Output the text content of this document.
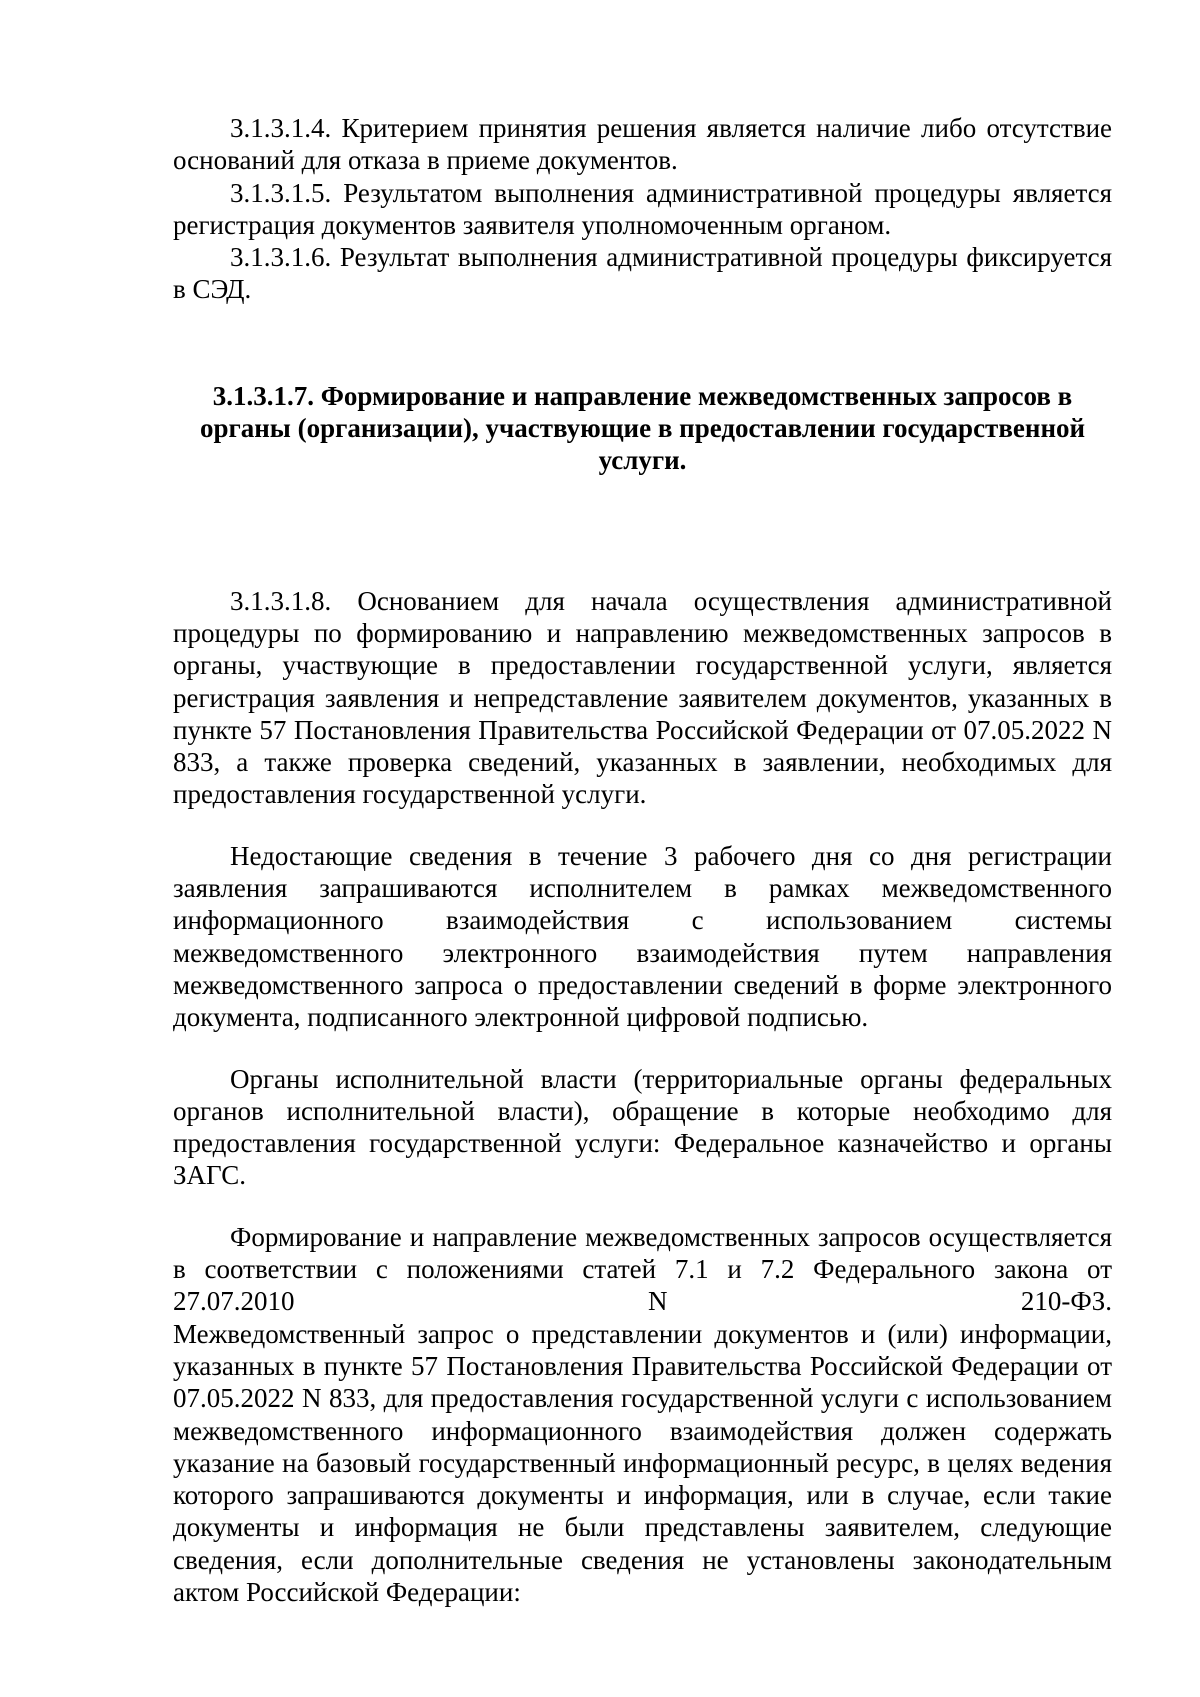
3.1.3.1.4. Критерием принятия решения является наличие либо отсутствие оснований для отказа в приеме документов.

3.1.3.1.5. Результатом выполнения административной процедуры является регистрация документов заявителя уполномоченным органом.

3.1.3.1.6. Результат выполнения административной процедуры фиксируется в СЭД.

3.1.3.1.7. Формирование и направление межведомственных запросов в органы (организации), участвующие в предоставлении государственной услуги.

3.1.3.1.8. Основанием для начала осуществления административной процедуры по формированию и направлению межведомственных запросов в органы, участвующие в предоставлении государственной услуги, является регистрация заявления и непредставление заявителем документов, указанных в пункте 57 Постановления Правительства Российской Федерации от 07.05.2022 N 833, а также проверка сведений, указанных в заявлении, необходимых для предоставления государственной услуги.

Недостающие сведения в течение 3 рабочего дня со дня регистрации заявления запрашиваются исполнителем в рамках межведомственного информационного взаимодействия с использованием системы межведомственного электронного взаимодействия путем направления межведомственного запроса о предоставлении сведений в форме электронного документа, подписанного электронной цифровой подписью.

Органы исполнительной власти (территориальные органы федеральных органов исполнительной власти), обращение в которые необходимо для предоставления государственной услуги: Федеральное казначейство и органы ЗАГС.

Формирование и направление межведомственных запросов осуществляется в соответствии с положениями статей 7.1 и 7.2 Федерального закона от 27.07.2010 N 210-ФЗ.

Межведомственный запрос о представлении документов и (или) информации, указанных в пункте 57 Постановления Правительства Российской Федерации от 07.05.2022 N 833, для предоставления государственной услуги с использованием межведомственного информационного взаимодействия должен содержать указание на базовый государственный информационный ресурс, в целях ведения которого запрашиваются документы и информация, или в случае, если такие документы и информация не были представлены заявителем, следующие сведения, если дополнительные сведения не установлены законодательным актом Российской Федерации:
